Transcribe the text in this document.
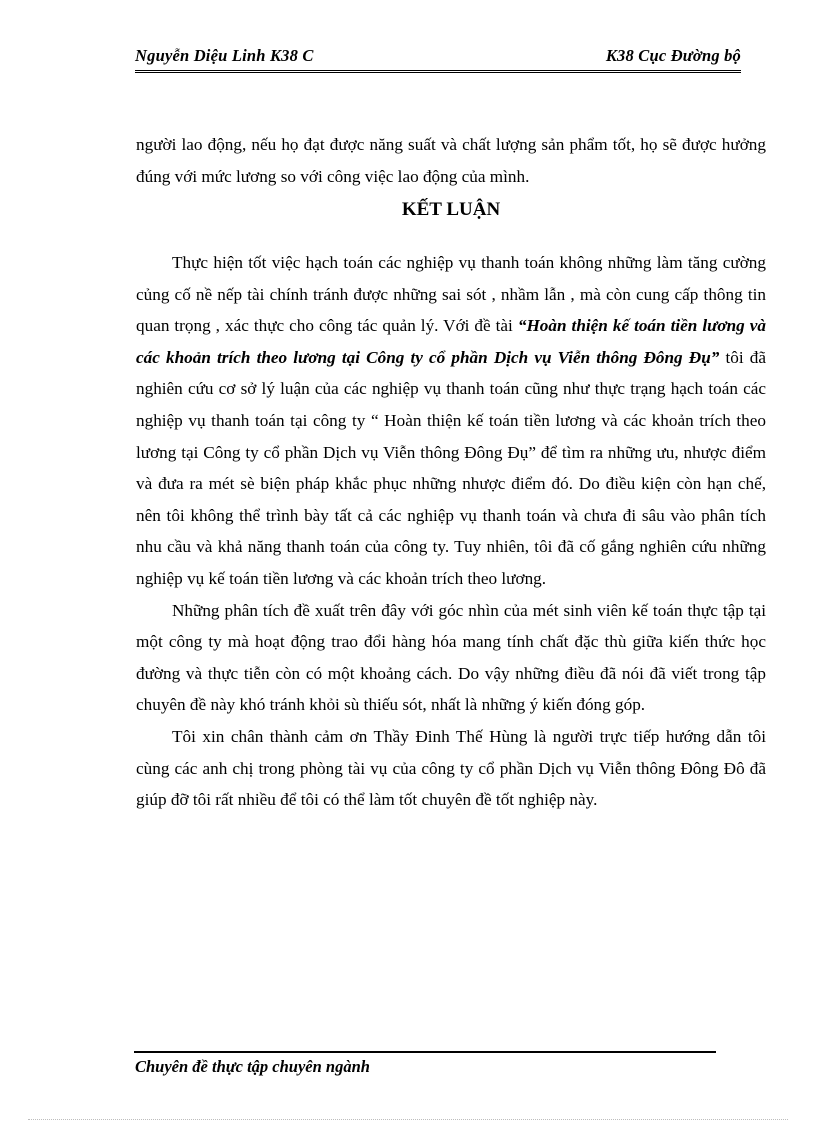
Nguyễn Diệu Linh K38 C	K38 Cục Đường bộ

người lao động, nếu họ đạt được năng suất và chất lượng sản phẩm tốt, họ sẽ được hưởng đúng với mức lương so với công việc lao động của mình.

KẾT LUẬN

Thực hiện tốt việc hạch toán các nghiệp vụ thanh toán không những làm tăng cường củng cố nề nếp tài chính tránh được những sai sót , nhầm lẫn , mà còn cung cấp thông tin quan trọng , xác thực cho công tác quản lý. Với đề tài “Hoàn thiện kế toán tiền lương và các khoản trích theo lương tại Công ty cổ phần Dịch vụ Viễn thông Đông Đụ” tôi đã nghiên cứu cơ sở lý luận của các nghiệp vụ thanh toán cũng như thực trạng hạch toán các nghiệp vụ thanh toán tại công ty “ Hoàn thiện kế toán tiền lương và các khoản trích theo lương tại Công ty cổ phần Dịch vụ Viễn thông Đông Đụ” để tìm ra những ưu, nhược điểm và đưa ra mét sè biện pháp khắc phục những nhược điểm đó. Do điều kiện còn hạn chế, nên tôi không thể trình bày tất cả các nghiệp vụ thanh toán và chưa đi sâu vào phân tích nhu cầu và khả năng thanh toán của công ty. Tuy nhiên, tôi đã cố gắng nghiên cứu những nghiệp vụ kế toán tiền lương và các khoản trích theo lương.

Những phân tích đề xuất trên đây với góc nhìn của mét sinh viên kế toán thực tập tại một công ty mà hoạt động trao đổi hàng hóa mang tính chất đặc thù giữa kiến thức học đường và thực tiễn còn có một khoảng cách. Do vậy những điều đã nói đã viết trong tập chuyên đề này khó tránh khỏi sù thiếu sót, nhất là những ý kiến đóng góp.

Tôi xin chân thành cảm ơn Thầy Đinh Thế Hùng là người trực tiếp hướng dẫn tôi cùng các anh chị trong phòng tài vụ của công ty cổ phần Dịch vụ Viễn thông Đông Đô đã giúp đỡ tôi rất nhiều để tôi có thể làm tốt chuyên đề tốt nghiệp này.

Chuyên đề thực tập chuyên ngành
